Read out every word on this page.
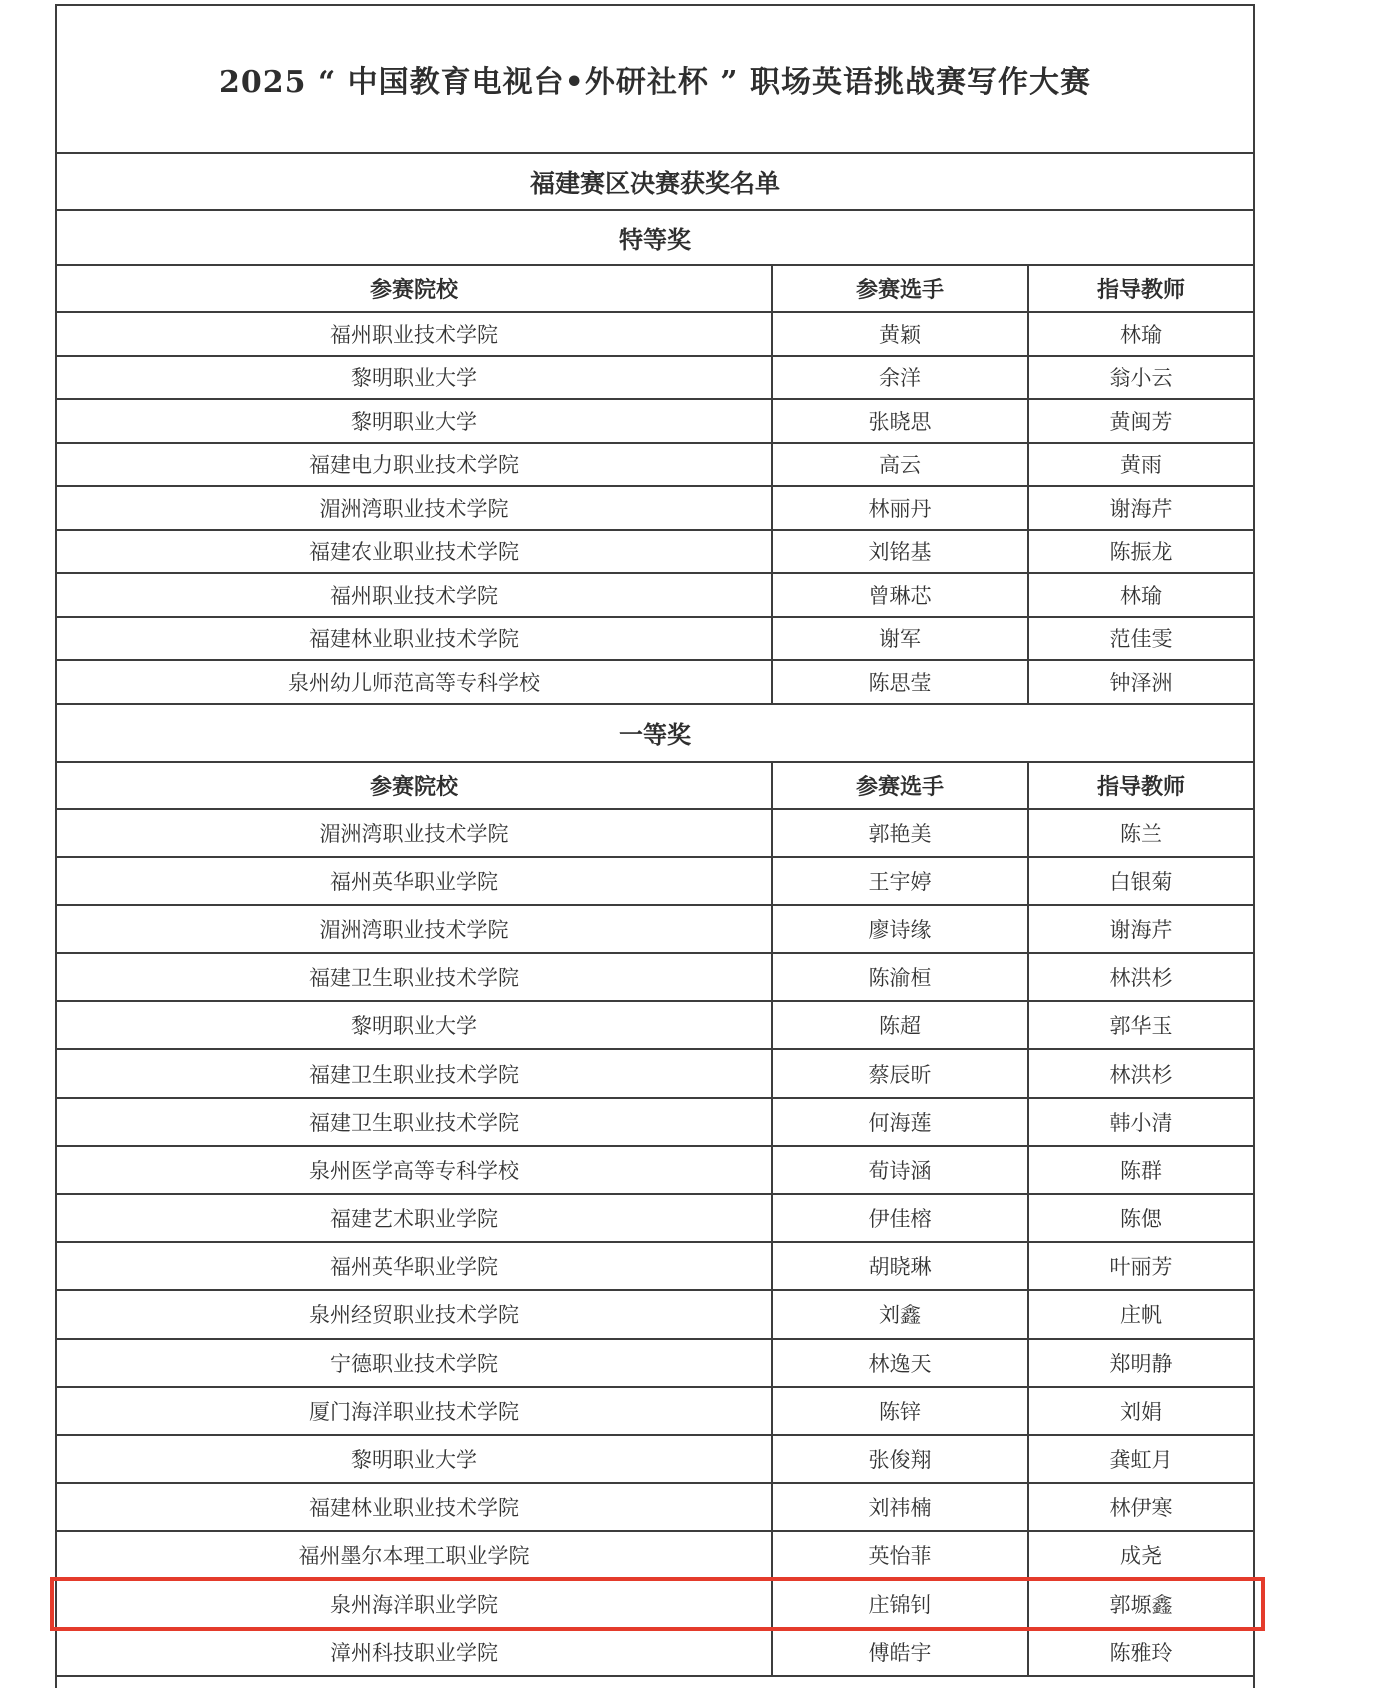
2025 “ 中国教育电视台•外研社杯 ” 职场英语挑战赛写作大赛
福建赛区决赛获奖名单
特等奖
参赛院校	参赛选手	指导教师
福州职业技术学院	黄颖	林瑜
黎明职业大学	余洋	翁小云
黎明职业大学	张晓思	黄闽芳
福建电力职业技术学院	高云	黄雨
湄洲湾职业技术学院	林丽丹	谢海芹
福建农业职业技术学院	刘铭基	陈振龙
福州职业技术学院	曾琳芯	林瑜
福建林业职业技术学院	谢军	范佳雯
泉州幼儿师范高等专科学校	陈思莹	钟泽洲
一等奖
参赛院校	参赛选手	指导教师
湄洲湾职业技术学院	郭艳美	陈兰
福州英华职业学院	王宇婷	白银菊
湄洲湾职业技术学院	廖诗缘	谢海芹
福建卫生职业技术学院	陈渝桓	林洪杉
黎明职业大学	陈超	郭华玉
福建卫生职业技术学院	蔡辰昕	林洪杉
福建卫生职业技术学院	何海莲	韩小清
泉州医学高等专科学校	荀诗涵	陈群
福建艺术职业学院	伊佳榕	陈偲
福州英华职业学院	胡晓琳	叶丽芳
泉州经贸职业技术学院	刘鑫	庄帆
宁德职业技术学院	林逸天	郑明静
厦门海洋职业技术学院	陈锌	刘娟
黎明职业大学	张俊翔	龚虹月
福建林业职业技术学院	刘祎楠	林伊寒
福州墨尔本理工职业学院	英怡菲	成尧
泉州海洋职业学院	庄锦钊	郭塬鑫
漳州科技职业学院	傅皓宇	陈雅玲
